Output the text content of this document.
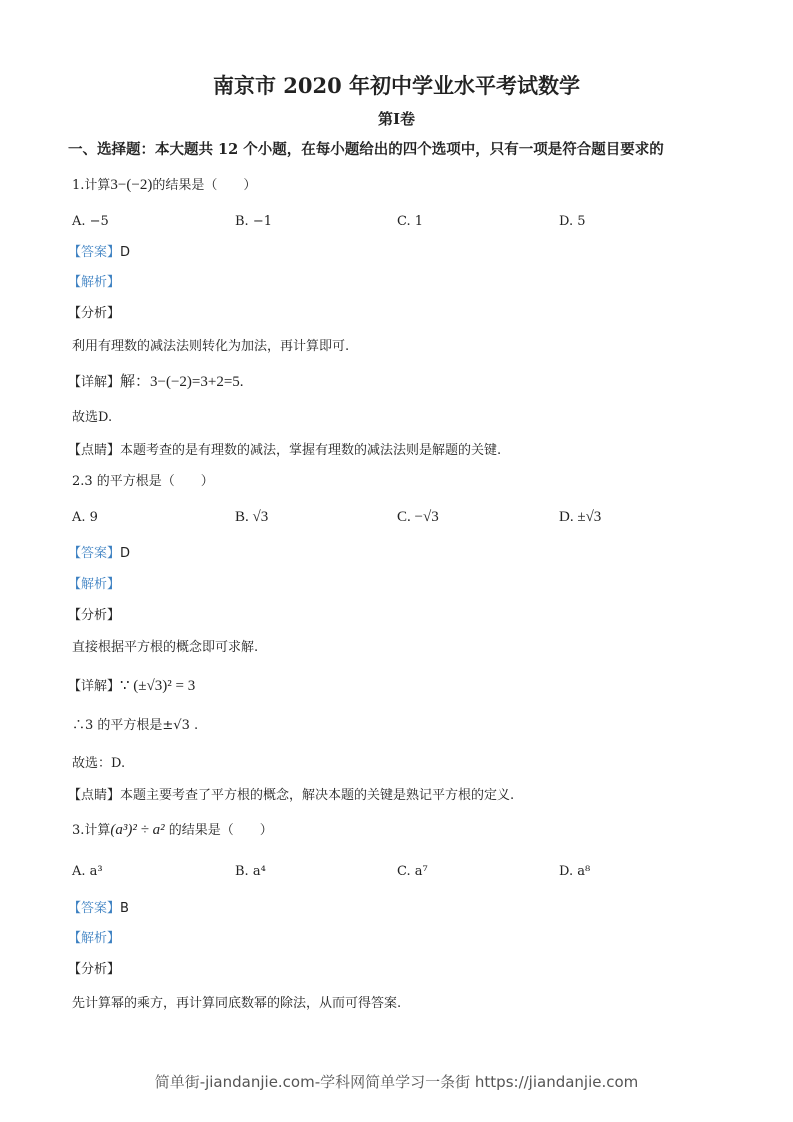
南京市 2020 年初中学业水平考试数学
第Ⅰ卷
一、选择题：本大题共 12 个小题，在每小题给出的四个选项中，只有一项是符合题目要求的
1.计算3−(−2)的结果是（　　）
A. −5	B. −1	C. 1	D. 5
【答案】D
【解析】
【分析】
利用有理数的减法法则转化为加法，再计算即可.
【详解】解：3−(−2)=3+2=5.
故选D.
【点睛】本题考查的是有理数的减法，掌握有理数的减法法则是解题的关键.
2.3 的平方根是（　　）
A. 9	B. √3	C. −√3	D. ±√3
【答案】D
【解析】
【分析】
直接根据平方根的概念即可求解.
【详解】∵ (±√3)² = 3
∴3 的平方根是±√3 .
故选：D.
【点睛】本题主要考查了平方根的概念，解决本题的关键是熟记平方根的定义.
3.计算(a³)² ÷ a² 的结果是（　　）
A. a³	B. a⁴	C. a⁷	D. a⁸
【答案】B
【解析】
【分析】
先计算幂的乘方，再计算同底数幂的除法，从而可得答案.
简单街-jiandanjie.com-学科网简单学习一条街 https://jiandanjie.com
